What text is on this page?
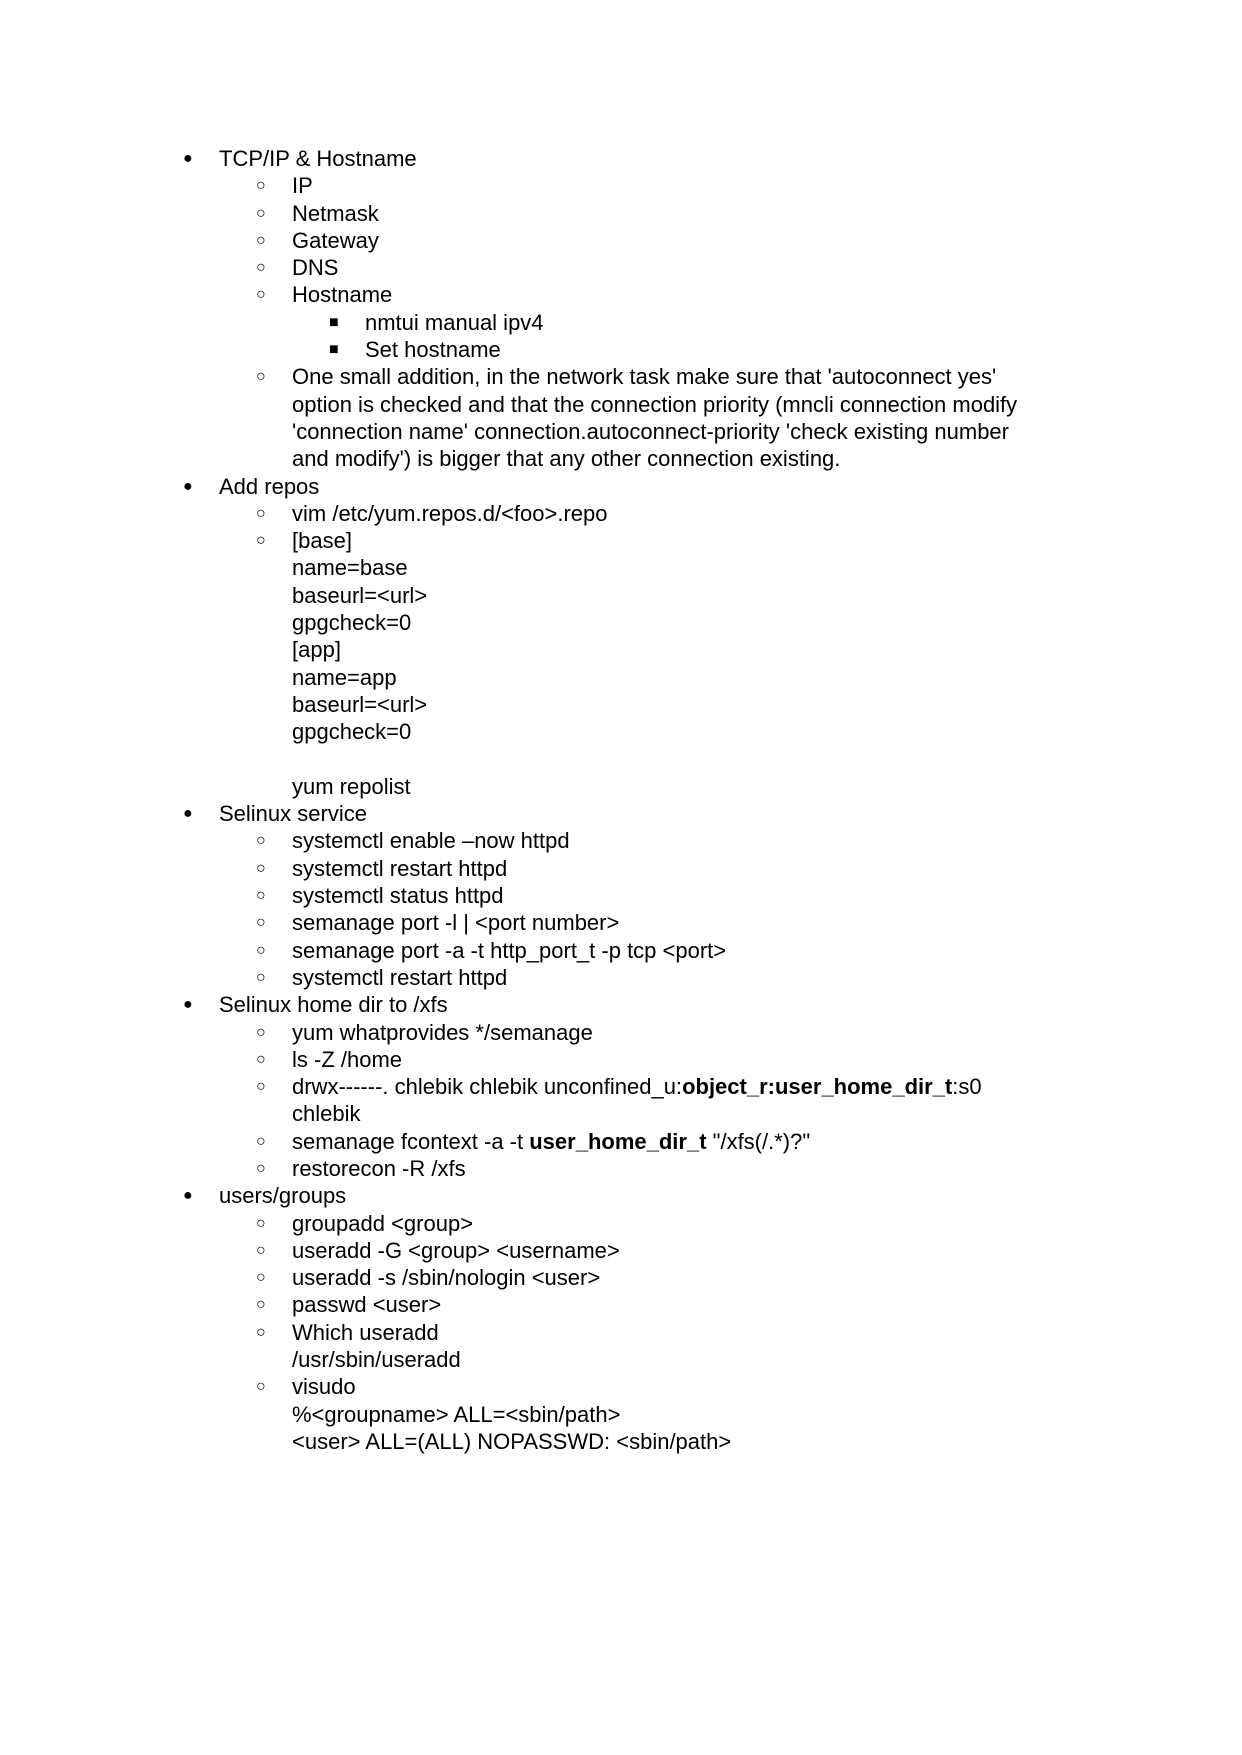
●	TCP/IP & Hostname
○	IP
○	Netmask
○	Gateway
○	DNS
○	Hostname
■	nmtui manual ipv4
■	Set hostname
○	One small addition, in the network task make sure that 'autoconnect yes' option is checked and that the connection priority (mncli connection modify 'connection name' connection.autoconnect-priority 'check existing number and modify') is bigger that any other connection existing.
●	Add repos
○	vim /etc/yum.repos.d/<foo>.repo
○	[base]

name=base

baseurl=<url>

gpgcheck=0

[app]

name=app

baseurl=<url>

gpgcheck=0

yum repolist
●	Selinux service
○	systemctl enable –now httpd
○	systemctl restart httpd
○	systemctl status httpd
○	semanage port -l | <port number>
○	semanage port -a -t http_port_t -p tcp <port>
○	systemctl restart httpd
●	Selinux home dir to /xfs
○	yum whatprovides */semanage
○	ls -Z /home
○	drwx------. chlebik chlebik unconfined_u:object_r:user_home_dir_t:s0 chlebik
○	semanage fcontext -a -t user_home_dir_t "/xfs(/.*)?"
○	restorecon -R /xfs
●	users/groups
○	groupadd <group>
○	useradd -G <group> <username>
○	useradd -s /sbin/nologin <user>
○	passwd <user>
○	Which useradd

/usr/sbin/useradd
○	visudo

%<groupname> ALL=<sbin/path>

<user> ALL=(ALL) NOPASSWD: <sbin/path>
